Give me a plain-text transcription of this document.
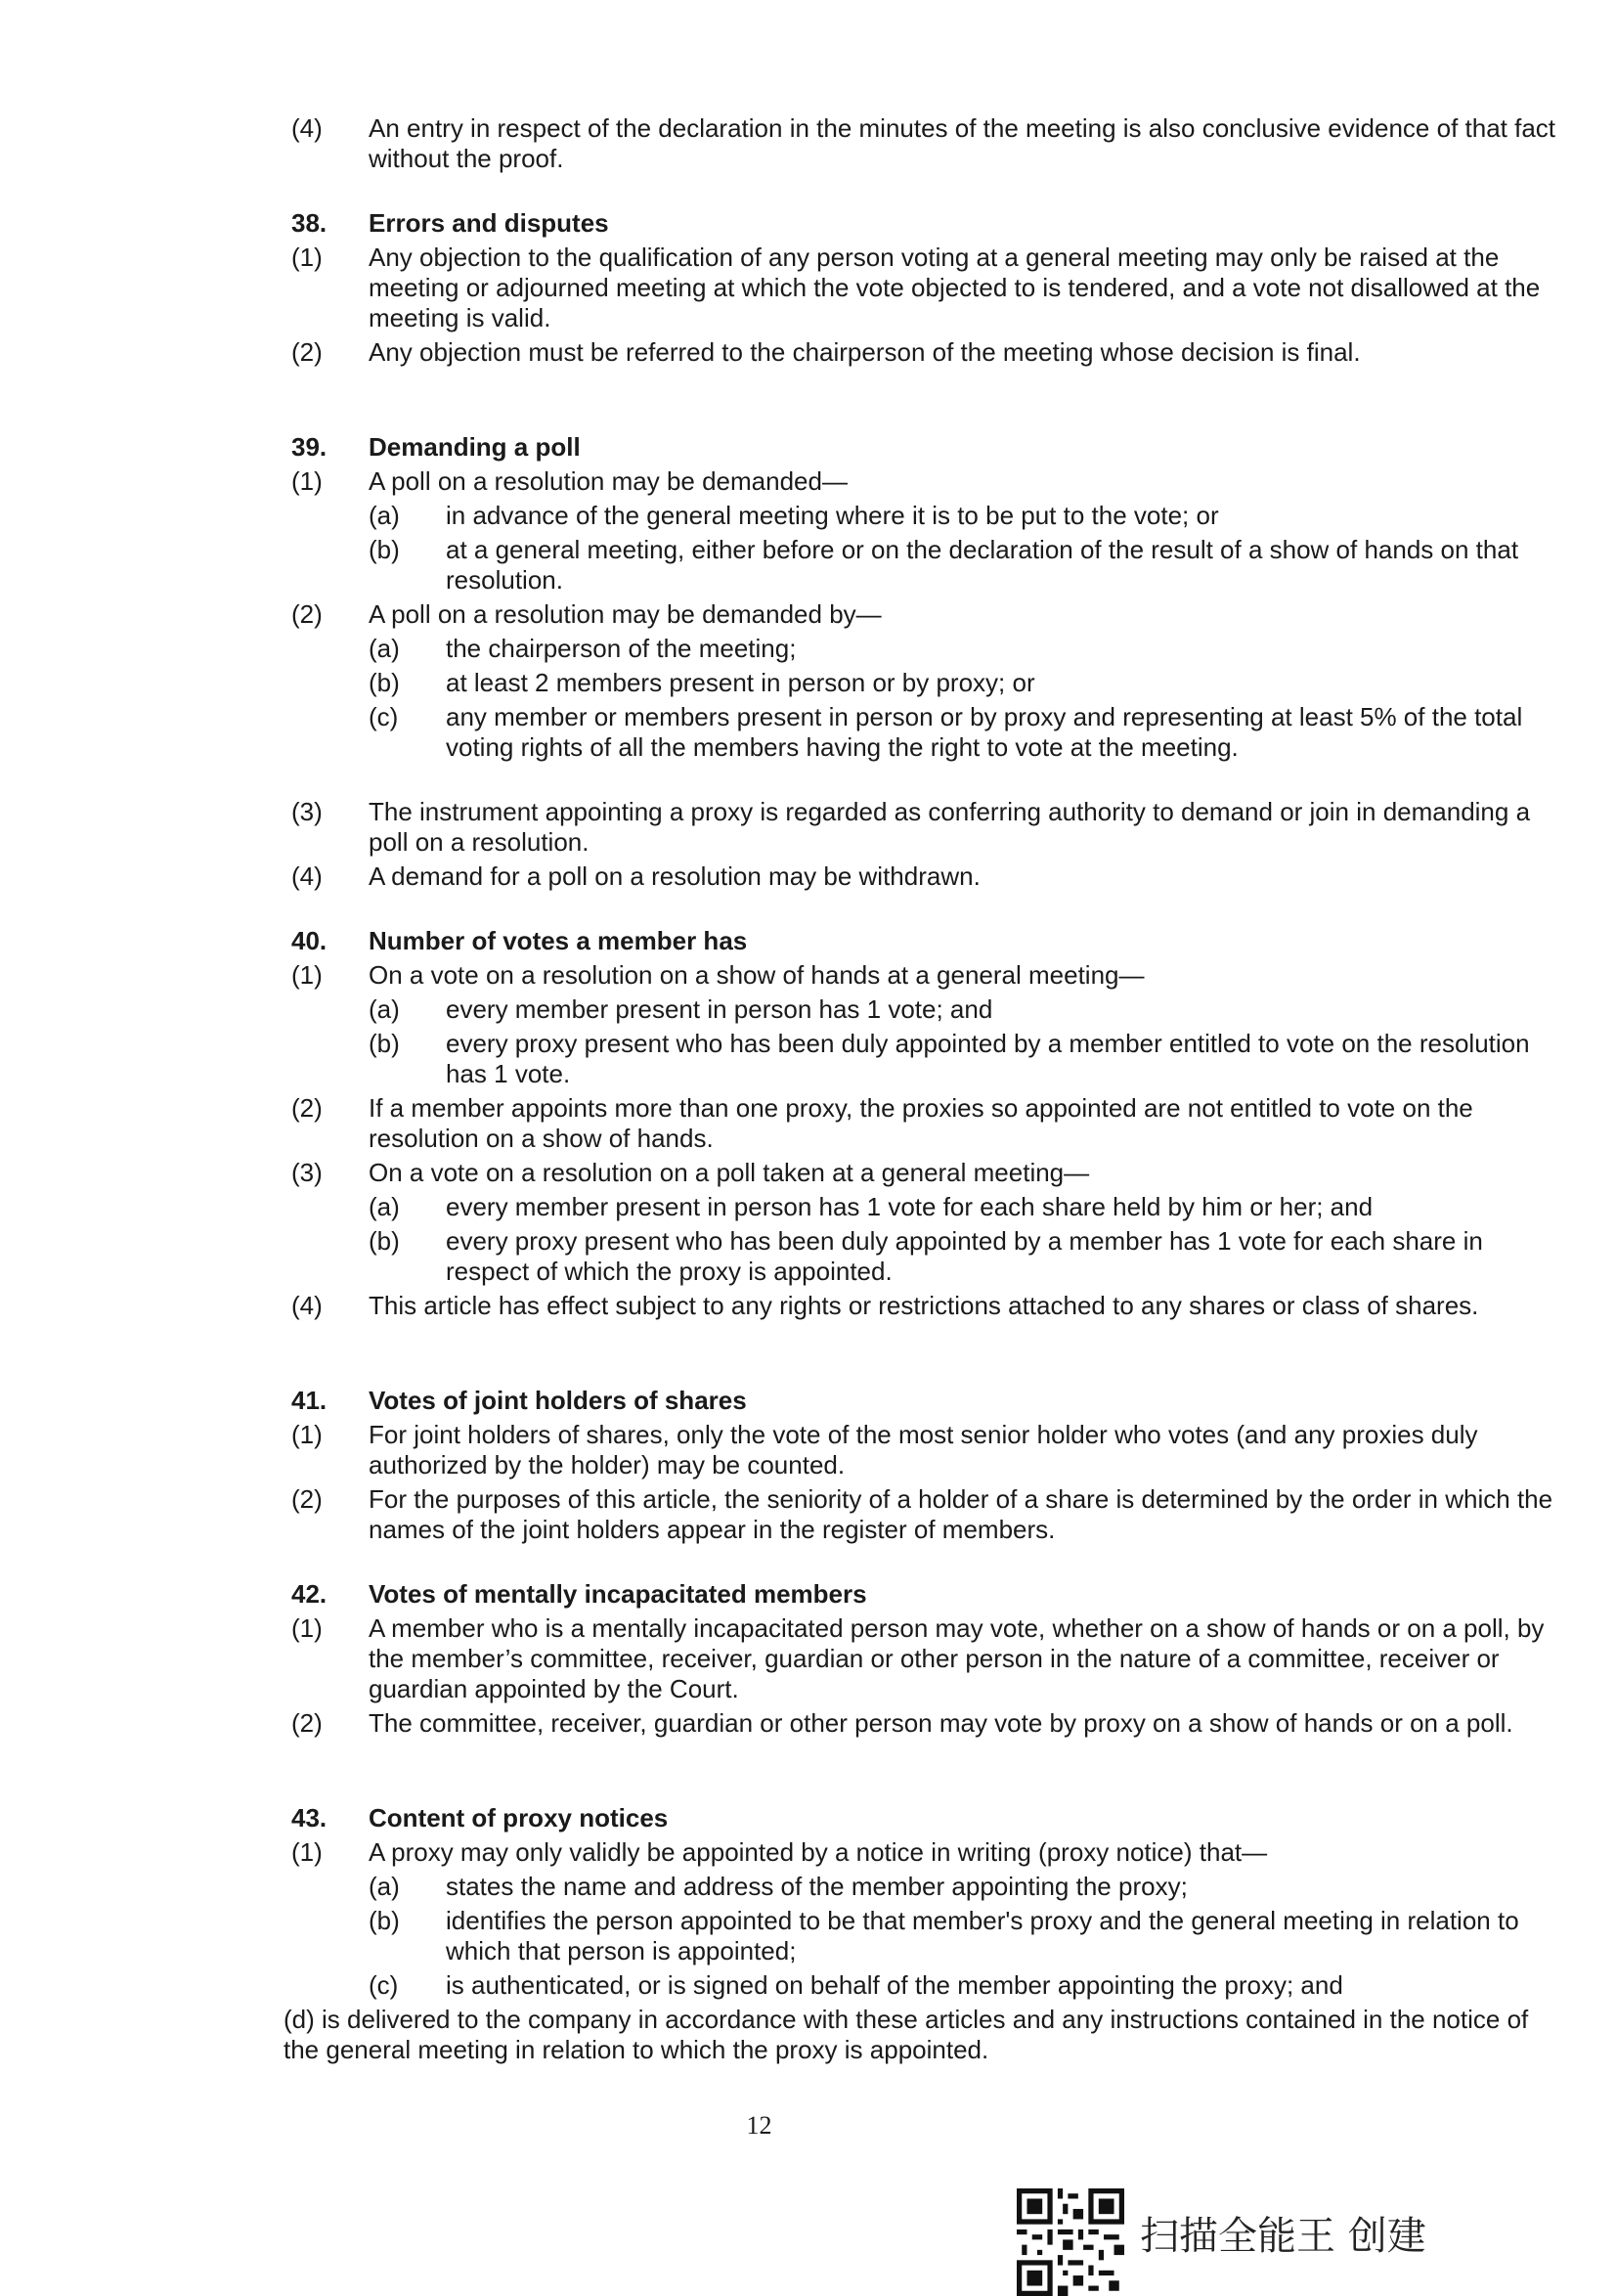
(4) An entry in respect of the declaration in the minutes of the meeting is also conclusive evidence of that fact without the proof.
38. Errors and disputes
(1) Any objection to the qualification of any person voting at a general meeting may only be raised at the meeting or adjourned meeting at which the vote objected to is tendered, and a vote not disallowed at the meeting is valid.
(2) Any objection must be referred to the chairperson of the meeting whose decision is final.
39. Demanding a poll
(1) A poll on a resolution may be demanded—
(a) in advance of the general meeting where it is to be put to the vote; or
(b) at a general meeting, either before or on the declaration of the result of a show of hands on that resolution.
(2) A poll on a resolution may be demanded by—
(a) the chairperson of the meeting;
(b) at least 2 members present in person or by proxy; or
(c) any member or members present in person or by proxy and representing at least 5% of the total voting rights of all the members having the right to vote at the meeting.
(3) The instrument appointing a proxy is regarded as conferring authority to demand or join in demanding a poll on a resolution.
(4) A demand for a poll on a resolution may be withdrawn.
40. Number of votes a member has
(1) On a vote on a resolution on a show of hands at a general meeting—
(a) every member present in person has 1 vote; and
(b) every proxy present who has been duly appointed by a member entitled to vote on the resolution has 1 vote.
(2) If a member appoints more than one proxy, the proxies so appointed are not entitled to vote on the resolution on a show of hands.
(3) On a vote on a resolution on a poll taken at a general meeting—
(a) every member present in person has 1 vote for each share held by him or her; and
(b) every proxy present who has been duly appointed by a member has 1 vote for each share in respect of which the proxy is appointed.
(4) This article has effect subject to any rights or restrictions attached to any shares or class of shares.
41. Votes of joint holders of shares
(1) For joint holders of shares, only the vote of the most senior holder who votes (and any proxies duly authorized by the holder) may be counted.
(2) For the purposes of this article, the seniority of a holder of a share is determined by the order in which the names of the joint holders appear in the register of members.
42. Votes of mentally incapacitated members
(1) A member who is a mentally incapacitated person may vote, whether on a show of hands or on a poll, by the member’s committee, receiver, guardian or other person in the nature of a committee, receiver or guardian appointed by the Court.
(2) The committee, receiver, guardian or other person may vote by proxy on a show of hands or on a poll.
43. Content of proxy notices
(1) A proxy may only validly be appointed by a notice in writing (proxy notice) that—
(a) states the name and address of the member appointing the proxy;
(b) identifies the person appointed to be that member's proxy and the general meeting in relation to which that person is appointed;
(c) is authenticated, or is signed on behalf of the member appointing the proxy; and
(d) is delivered to the company in accordance with these articles and any instructions contained in the notice of the general meeting in relation to which the proxy is appointed.
12
扫描全能王 创建
